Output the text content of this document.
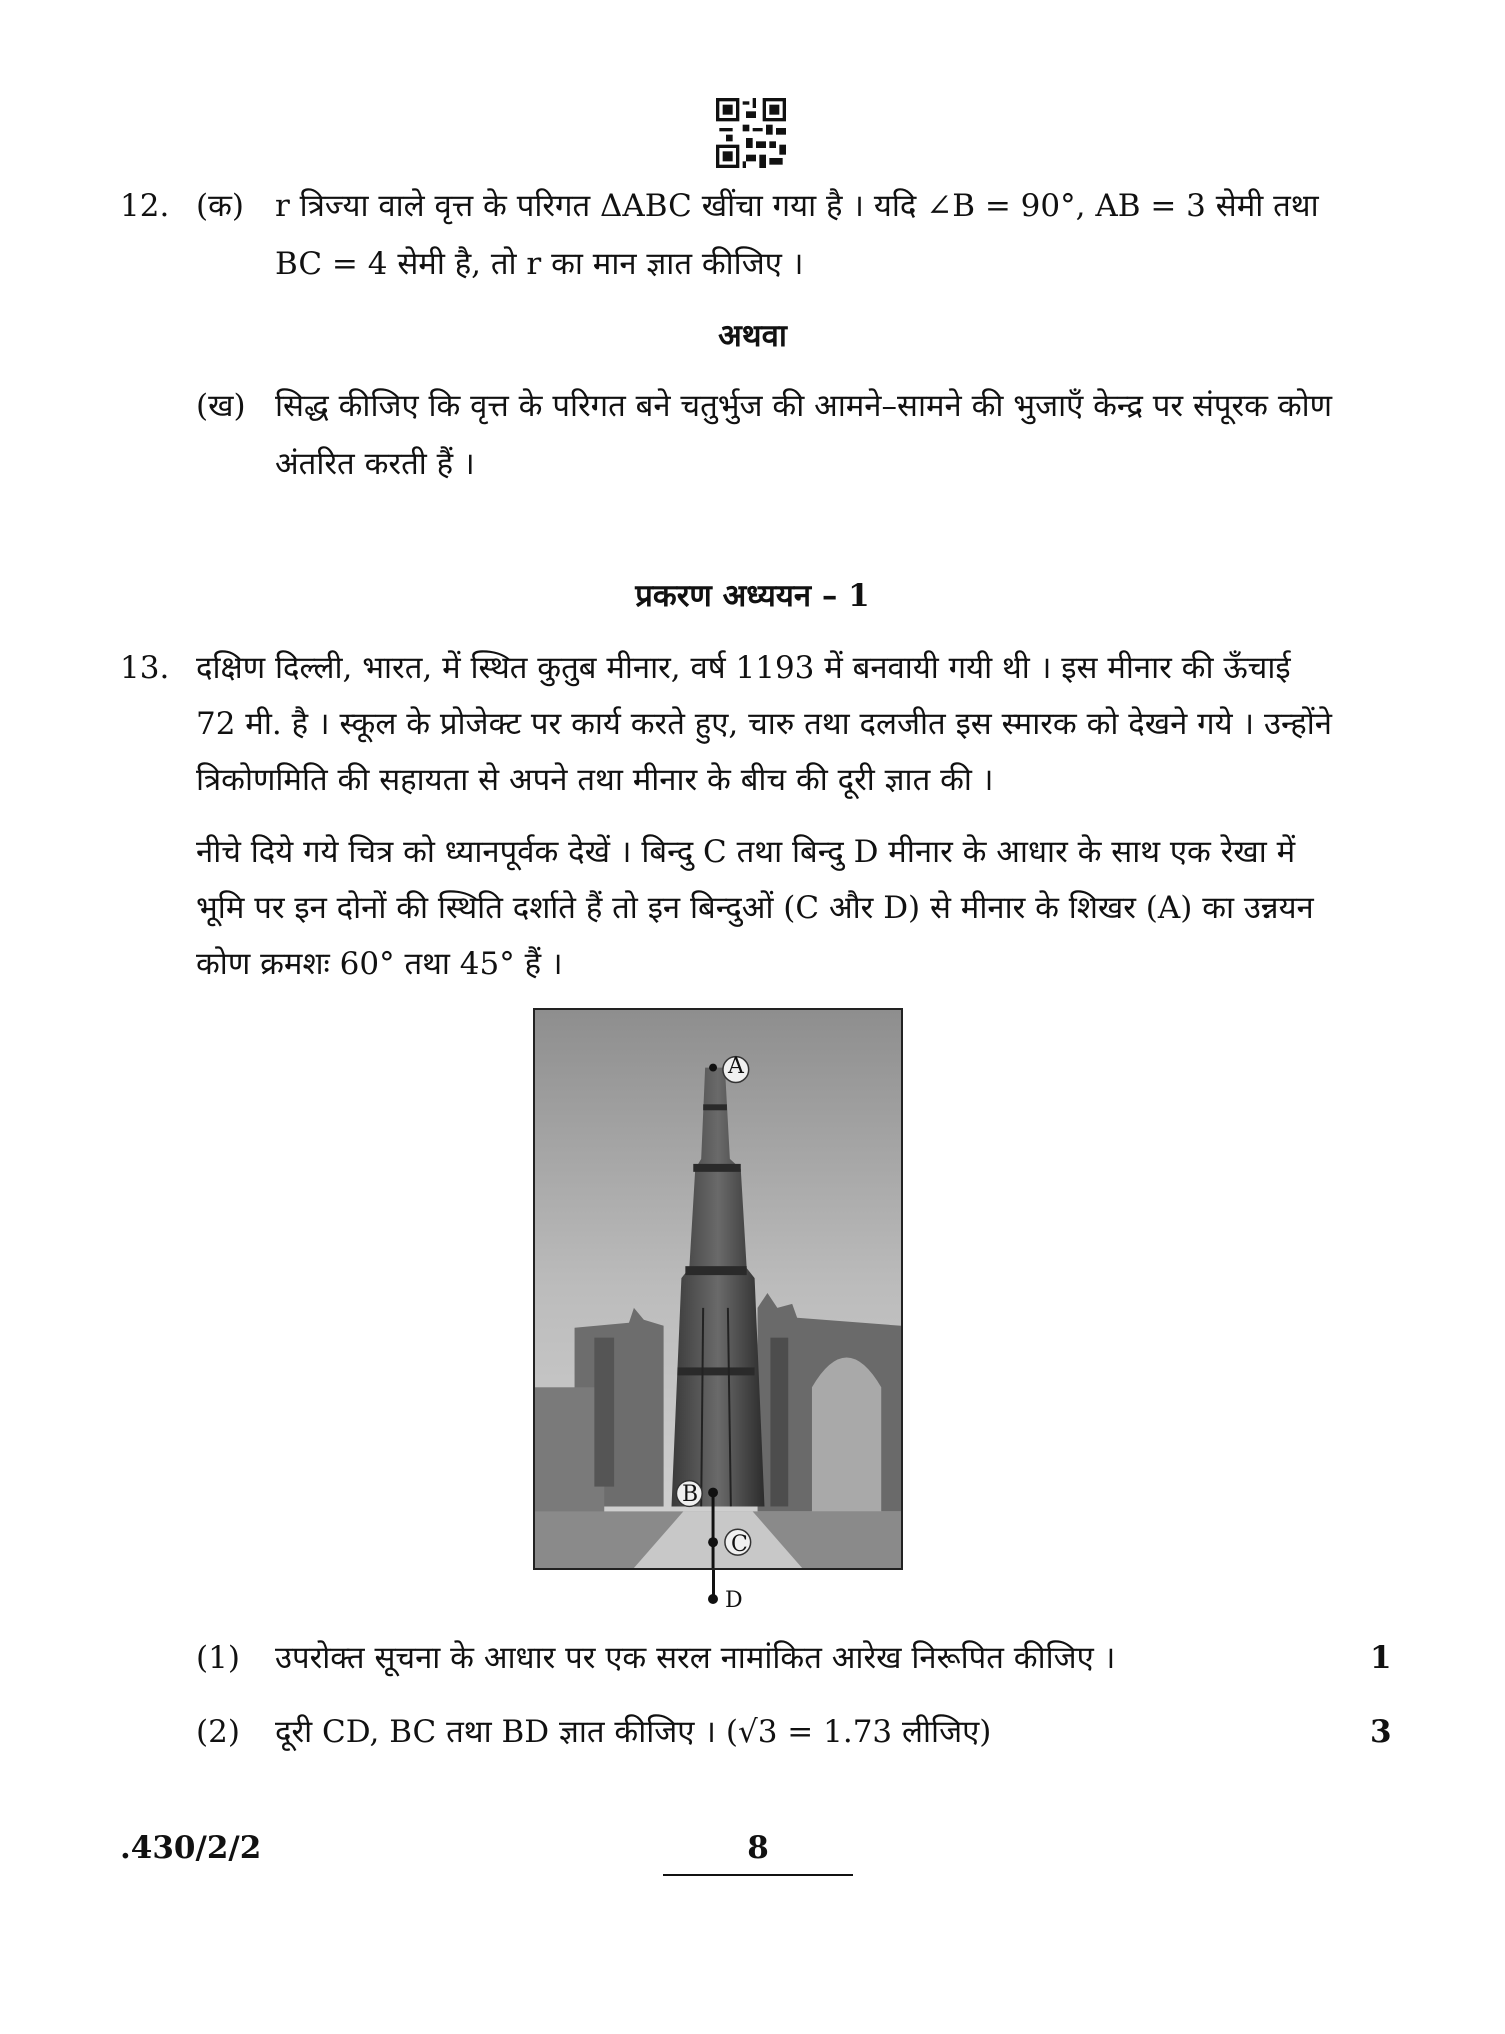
12. (क) r त्रिज्या वाले वृत्त के परिगत ΔABC खींचा गया है । यदि ∠B = 90°, AB = 3 सेमी तथा
BC = 4 सेमी है, तो r का मान ज्ञात कीजिए ।
अथवा
(ख) सिद्ध कीजिए कि वृत्त के परिगत बने चतुर्भुज की आमने–सामने की भुजाएँ केन्द्र पर संपूरक कोण
अंतरित करती हैं ।
प्रकरण अध्ययन – 1
13. दक्षिण दिल्ली, भारत, में स्थित कुतुब मीनार, वर्ष 1193 में बनवायी गयी थी । इस मीनार की ऊँचाई
72 मी. है । स्कूल के प्रोजेक्ट पर कार्य करते हुए, चारु तथा दलजीत इस स्मारक को देखने गये । उन्होंने
त्रिकोणमिति की सहायता से अपने तथा मीनार के बीच की दूरी ज्ञात की ।
नीचे दिये गये चित्र को ध्यानपूर्वक देखें । बिन्दु C तथा बिन्दु D मीनार के आधार के साथ एक रेखा में
भूमि पर इन दोनों की स्थिति दर्शाते हैं तो इन बिन्दुओं (C और D) से मीनार के शिखर (A) का उन्नयन
कोण क्रमशः 60° तथा 45° हैं ।
A
B
C
D
(1) उपरोक्त सूचना के आधार पर एक सरल नामांकित आरेख निरूपित कीजिए ।	1
(2) दूरी CD, BC तथा BD ज्ञात कीजिए । (√3 = 1.73 लीजिए)	3
.430/2/2	8
